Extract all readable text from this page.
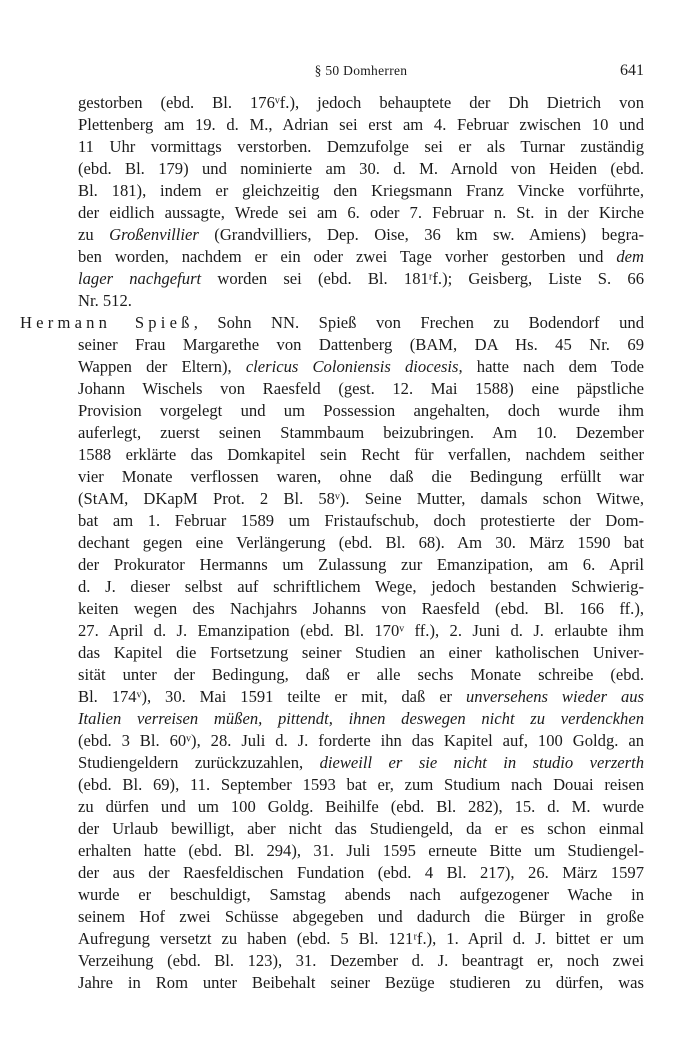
§ 50 Domherren	641
gestorben (ebd. Bl. 176ᵛf.), jedoch behauptete der Dh Dietrich von
Plettenberg am 19. d. M., Adrian sei erst am 4. Februar zwischen 10 und
11 Uhr vormittags verstorben. Demzufolge sei er als Turnar zuständig
(ebd. Bl. 179) und nominierte am 30. d. M. Arnold von Heiden (ebd.
Bl. 181), indem er gleichzeitig den Kriegsmann Franz Vincke vorführte,
der eidlich aussagte, Wrede sei am 6. oder 7. Februar n. St. in der Kirche
zu Großenvillier (Grandvilliers, Dep. Oise, 36 km sw. Amiens) begra-
ben worden, nachdem er ein oder zwei Tage vorher gestorben und dem
lager nachgefurt worden sei (ebd. Bl. 181ʳf.); Geisberg, Liste S. 66
Nr. 512.
Hermann Spieß, Sohn NN. Spieß von Frechen zu Bodendorf und
seiner Frau Margarethe von Dattenberg (BAM, DA Hs. 45 Nr. 69
Wappen der Eltern), clericus Coloniensis diocesis, hatte nach dem Tode
Johann Wischels von Raesfeld (gest. 12. Mai 1588) eine päpstliche
Provision vorgelegt und um Possession angehalten, doch wurde ihm
auferlegt, zuerst seinen Stammbaum beizubringen. Am 10. Dezember
1588 erklärte das Domkapitel sein Recht für verfallen, nachdem seither
vier Monate verflossen waren, ohne daß die Bedingung erfüllt war
(StAM, DKapM Prot. 2 Bl. 58ᵛ). Seine Mutter, damals schon Witwe,
bat am 1. Februar 1589 um Fristaufschub, doch protestierte der Dom-
dechant gegen eine Verlängerung (ebd. Bl. 68). Am 30. März 1590 bat
der Prokurator Hermanns um Zulassung zur Emanzipation, am 6. April
d. J. dieser selbst auf schriftlichem Wege, jedoch bestanden Schwierig-
keiten wegen des Nachjahrs Johanns von Raesfeld (ebd. Bl. 166 ff.),
27. April d. J. Emanzipation (ebd. Bl. 170ᵛ ff.), 2. Juni d. J. erlaubte ihm
das Kapitel die Fortsetzung seiner Studien an einer katholischen Univer-
sität unter der Bedingung, daß er alle sechs Monate schreibe (ebd.
Bl. 174ᵛ), 30. Mai 1591 teilte er mit, daß er unversehens wieder aus
Italien verreisen müßen, pittendt, ihnen deswegen nicht zu verdenckhen
(ebd. 3 Bl. 60ᵛ), 28. Juli d. J. forderte ihn das Kapitel auf, 100 Goldg. an
Studiengeldern zurückzuzahlen, dieweill er sie nicht in studio verzerth
(ebd. Bl. 69), 11. September 1593 bat er, zum Studium nach Douai reisen
zu dürfen und um 100 Goldg. Beihilfe (ebd. Bl. 282), 15. d. M. wurde
der Urlaub bewilligt, aber nicht das Studiengeld, da er es schon einmal
erhalten hatte (ebd. Bl. 294), 31. Juli 1595 erneute Bitte um Studiengel-
der aus der Raesfeldischen Fundation (ebd. 4 Bl. 217), 26. März 1597
wurde er beschuldigt, Samstag abends nach aufgezogener Wache in
seinem Hof zwei Schüsse abgegeben und dadurch die Bürger in große
Aufregung versetzt zu haben (ebd. 5 Bl. 121ʳf.), 1. April d. J. bittet er um
Verzeihung (ebd. Bl. 123), 31. Dezember d. J. beantragt er, noch zwei
Jahre in Rom unter Beibehalt seiner Bezüge studieren zu dürfen, was
